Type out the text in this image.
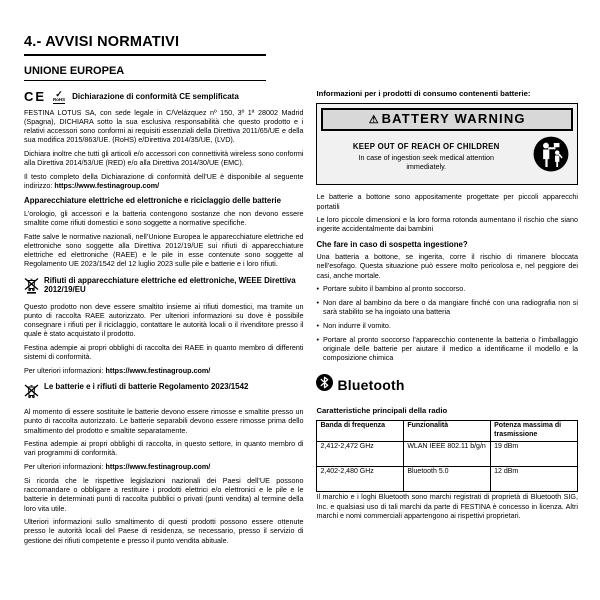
4.- AVVISI NORMATIVI
UNIONE EUROPEA
CE ✓
RoHS Dichiarazione di conformità CE semplificata

FESTINA LOTUS SA, con sede legale in C/Velázquez nº 150, 3º 1ª 28002 Madrid (Spagna), DICHIARA sotto la sua esclusiva responsabilità che questo prodotto e i relativi accessori sono conformi ai requisiti essenziali della Direttiva 2011/65/UE e della sua modifica 2015/863/UE. (RoHS) e/Direttiva 2014/35/UE, (LVD).

Dichiara inoltre che tutti gli articoli e/o accessori con connettività wireless sono conformi alla Direttiva 2014/53/UE (RED) e/o alla Direttiva 2014/30/UE (EMC).

Il testo completo della Dichiarazione di conformità dell’UE è disponibile al seguente indirizzo: https://www.festinagroup.com/

Apparecchiature elettriche ed elettroniche e riciclaggio delle batterie

L’orologio, gli accessori e la batteria contengono sostanze che non devono essere smaltite come rifiuti domestici e sono soggette a normative specifiche.

Fatte salve le normative nazionali, nell’Unione Europea le apparecchiature elettriche ed elettroniche sono soggette alla Direttiva 2012/19/UE sui rifiuti di apparecchiature elettriche ed elettroniche (RAEE) e le pile in esse contenute sono soggette al Regolamento UE 2023/1542 del 12 luglio 2023 sulle pile e batterie e i loro rifiuti.

Rifiuti di apparecchiature elettriche ed elettroniche, WEEE Direttiva 2012/19/EU

Questo prodotto non deve essere smaltito insieme ai rifiuti domestici, ma tramite un punto di raccolta RAEE autorizzato. Per ulteriori informazioni su dove è possibile consegnare i rifiuti per il riciclaggio, contattare le autorità locali o il rivenditore presso il quale è stato acquistato il prodotto.

Festina adempie ai propri obblighi di raccolta dei RAEE in quanto membro di differenti sistemi di conformità.

Per ulteriori informazioni: https://www.festinagroup.com/

Le batterie e i rifiuti di batterie Regolamento 2023/1542

Al momento di essere sostituite le batterie devono essere rimosse e smaltite presso un punto di raccolta autorizzato. Le batterie separabili devono essere rimosse prima dello smaltimento del prodotto e smaltite separatamente.

Festina adempie ai propri obblighi di raccolta, in questo settore, in quanto membro di vari programmi di conformità.

Per ulteriori informazioni: https://www.festinagroup.com/

Si ricorda che le rispettive legislazioni nazionali dei Paesi dell’UE possono raccomandare o obbligare a restituire i prodotti elettrici e/o elettronici e le pile e le batterie in determinati punti di raccolta pubblici o privati (punti vendita) al termine della loro vita utile.

Ulteriori informazioni sullo smaltimento di questi prodotti possono essere ottenute presso le autorità locali del Paese di residenza, se necessario, presso il servizio di gestione dei rifiuti competente e presso il punto vendita abituale.

Informazioni per i prodotti di consumo contenenti batterie:
⚠ BATTERY WARNING
KEEP OUT OF REACH OF CHILDREN
In case of ingestion seek medical attention immediately.

Le batterie a bottone sono appositamente progettate per piccoli apparecchi portatili

Le loro piccole dimensioni e la loro forma rotonda aumentano il rischio che siano ingerite accidentalmente dai bambini

Che fare in caso di sospetta ingestione?

Una batteria a bottone, se ingerita, corre il rischio di rimanere bloccata nell’esofago. Questa situazione può essere molto pericolosa e, nel peggiore dei casi, anche mortale.

• Portare subito il bambino al pronto soccorso.
• Non dare al bambino da bere o da mangiare finché con una radiografia non si sarà stabilito se ha ingoiato una batteria
• Non indurre il vomito.
• Portare al pronto soccorso l’apparecchio contenente la batteria o l’imballaggio originale delle batterie per aiutare il medico a identificarne il modello e la composizione chimica
Bluetooth
Caratteristiche principali della radio
Banda di frequenza	Funzionalità	Potenza massima di trasmissione
2,412-2,472 GHz	WLAN IEEE 802.11 b/g/n	19 dBm
2,402-2,480 GHz	Bluetooth 5.0	12 dBm

Il marchio e i loghi Bluetooth sono marchi registrati di proprietà di Bluetooth SIG, Inc. e qualsiasi uso di tali marchi da parte di FESTINA è concesso in licenza. Altri marchi e nomi commerciali appartengono ai rispettivi proprietari.
